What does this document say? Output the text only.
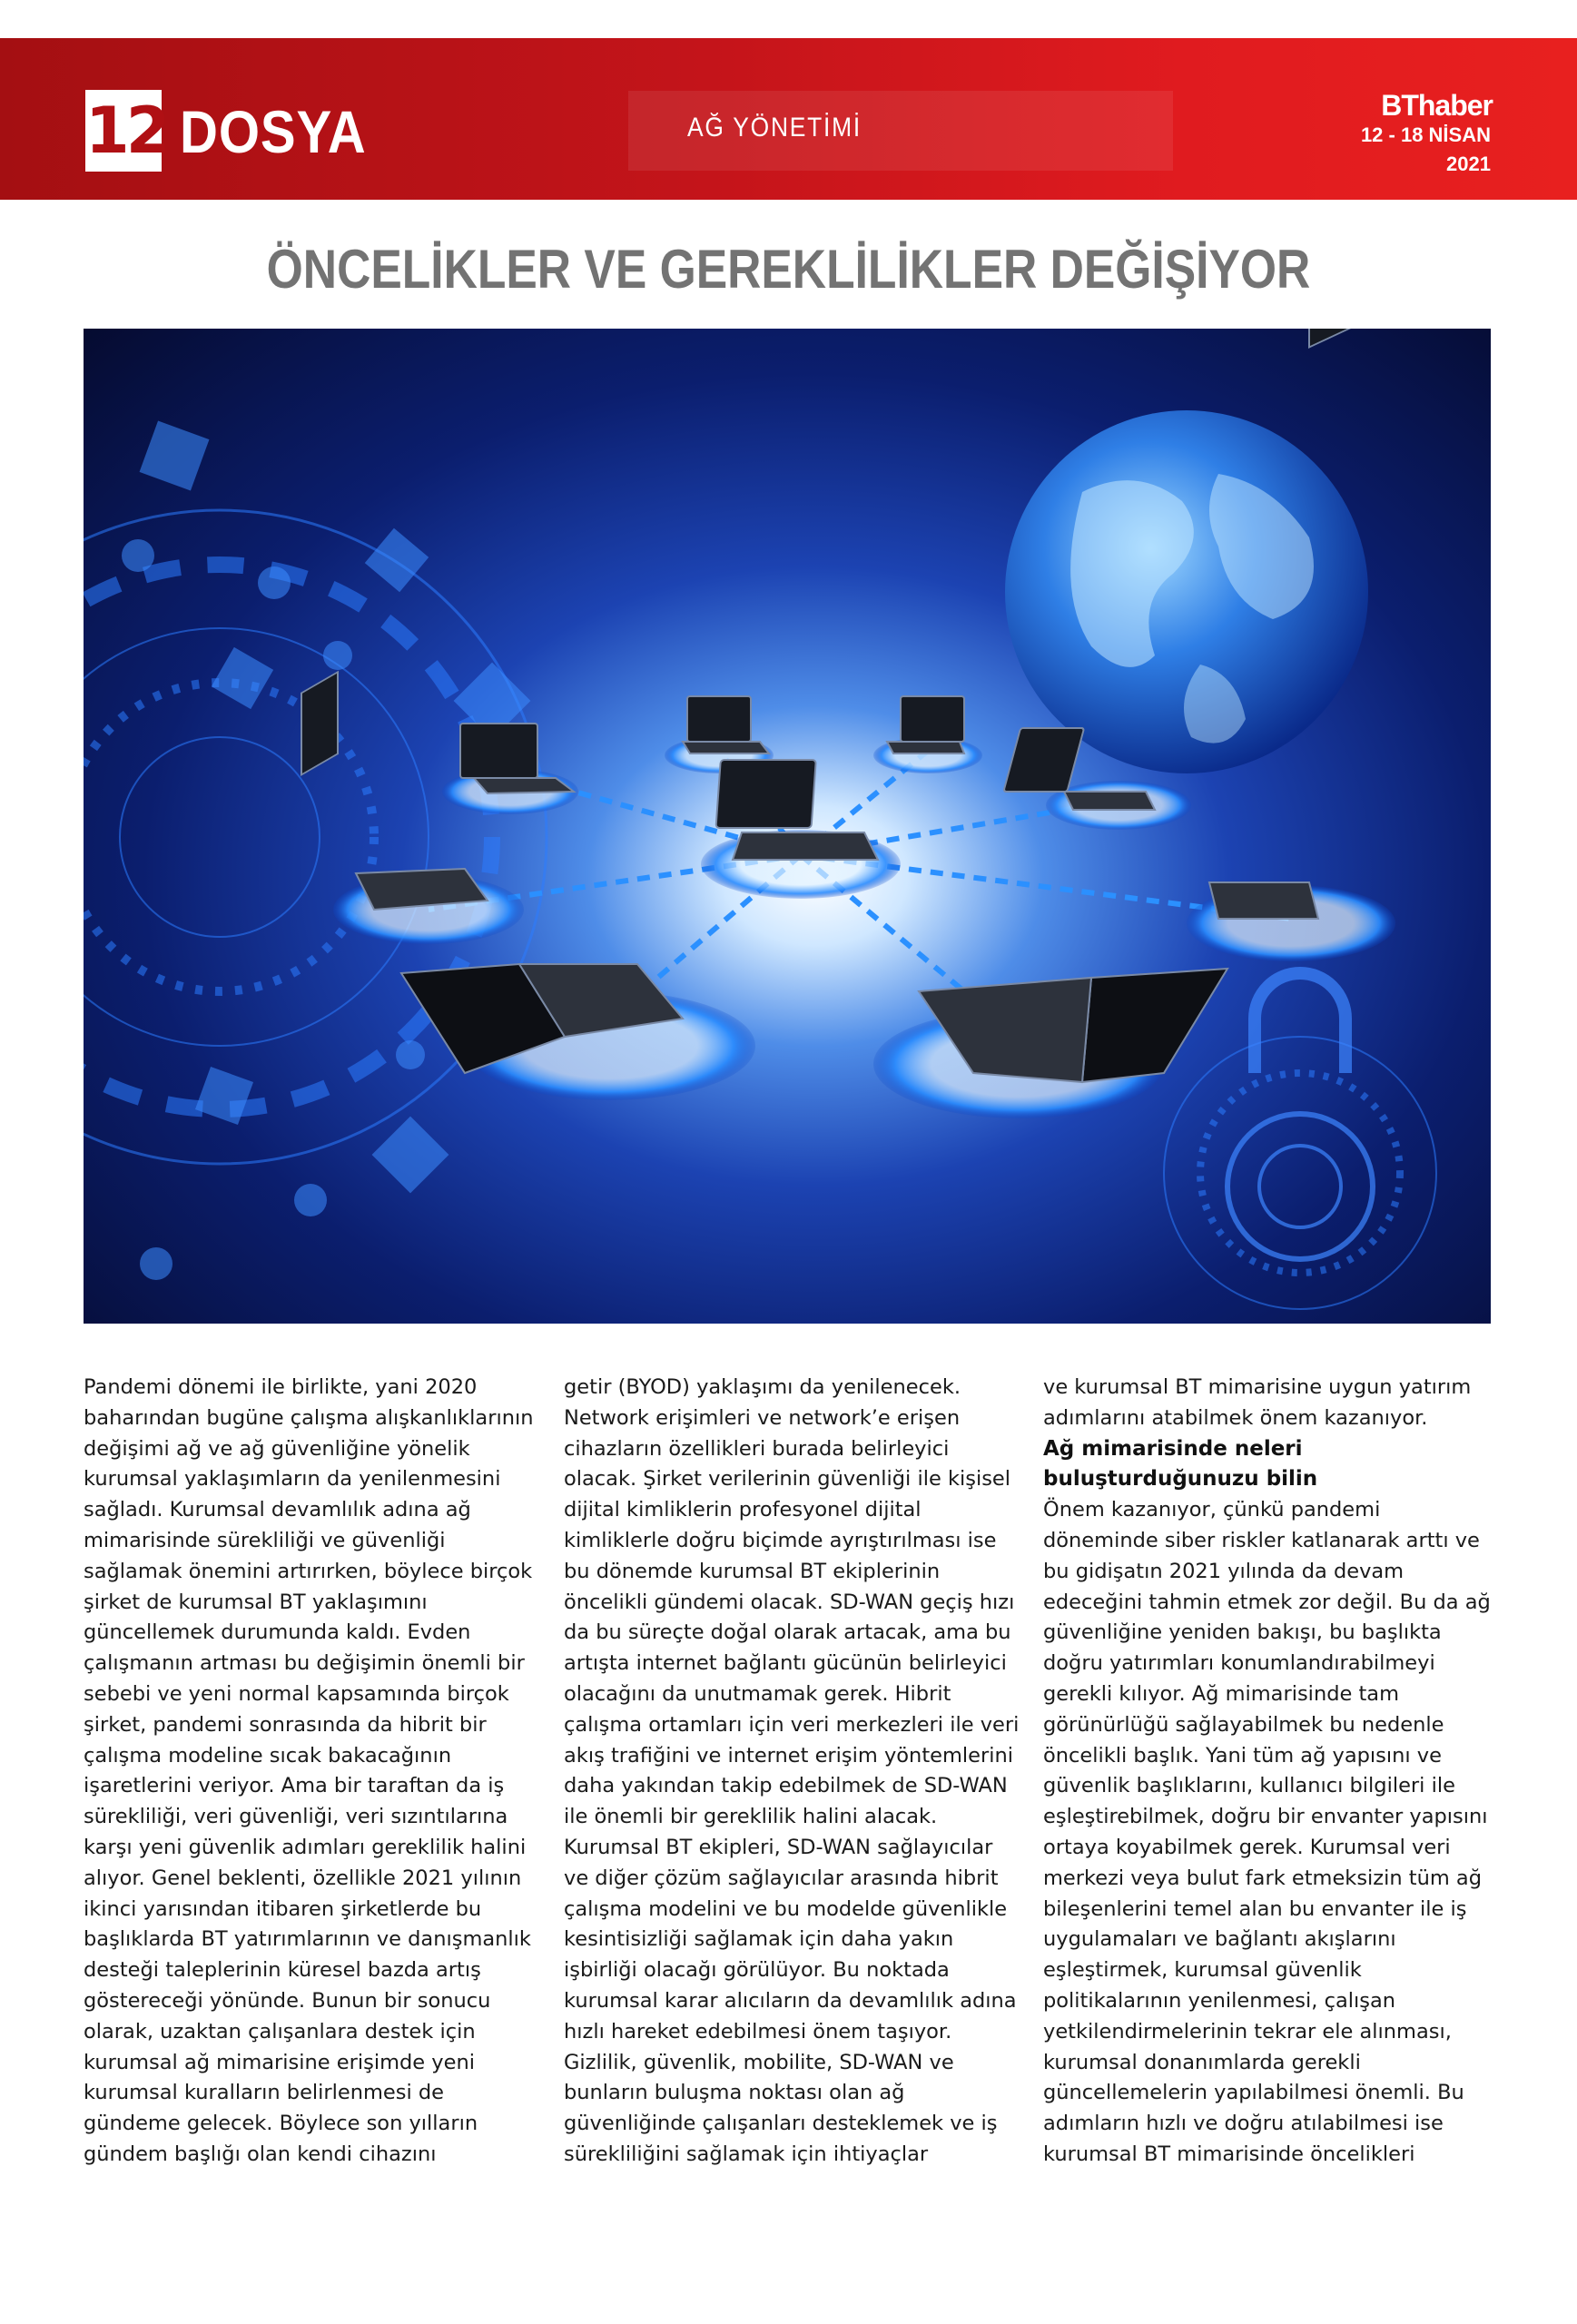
12 DOSYA	AĞ YÖNETİMİ
BThaber
12 - 18 NİSAN
2021
ÖNCELİKLER VE GEREKLİLİKLER DEĞİŞİYOR

Pandemi dönemi ile birlikte, yani 2020 baharından bugüne çalışma alışkanlıklarının değişimi ağ ve ağ güvenliğine yönelik kurumsal yaklaşımların da yenilenmesini sağladı. Kurumsal devamlılık adına ağ mimarisinde sürekliliği ve güvenliği sağlamak önemini artırırken, böylece birçok şirket de kurumsal BT yaklaşımını güncellemek durumunda kaldı. Evden çalışmanın artması bu değişimin önemli bir sebebi ve yeni normal kapsamında birçok şirket, pandemi sonrasında da hibrit bir çalışma modeline sıcak bakacağının işaretlerini veriyor. Ama bir taraftan da iş sürekliliği, veri güvenliği, veri sızıntılarına karşı yeni güvenlik adımları gereklilik halini alıyor. Genel beklenti, özellikle 2021 yılının ikinci yarısından itibaren şirketlerde bu başlıklarda BT yatırımlarının ve danışmanlık desteği taleplerinin küresel bazda artış göstereceği yönünde. Bunun bir sonucu olarak, uzaktan çalışanlara destek için kurumsal ağ mimarisine erişimde yeni kurumsal kuralların belirlenmesi de gündeme gelecek. Böylece son yılların gündem başlığı olan kendi cihazını

getir (BYOD) yaklaşımı da yenilenecek. Network erişimleri ve network’e erişen cihazların özellikleri burada belirleyici olacak. Şirket verilerinin güvenliği ile kişisel dijital kimliklerin profesyonel dijital kimliklerle doğru biçimde ayrıştırılması ise bu dönemde kurumsal BT ekiplerinin öncelikli gündemi olacak. SD-WAN geçiş hızı da bu süreçte doğal olarak artacak, ama bu artışta internet bağlantı gücünün belirleyici olacağını da unutmamak gerek. Hibrit çalışma ortamları için veri merkezleri ile veri akış trafiğini ve internet erişim yöntemlerini daha yakından takip edebilmek de SD-WAN ile önemli bir gereklilik halini alacak. Kurumsal BT ekipleri, SD-WAN sağlayıcılar ve diğer çözüm sağlayıcılar arasında hibrit çalışma modelini ve bu modelde güvenlikle kesintisizliği sağlamak için daha yakın işbirliği olacağı görülüyor. Bu noktada kurumsal karar alıcıların da devamlılık adına hızlı hareket edebilmesi önem taşıyor. Gizlilik, güvenlik, mobilite, SD-WAN ve bunların buluşma noktası olan ağ güvenliğinde çalışanları desteklemek ve iş sürekliliğini sağlamak için ihtiyaçlar

ve kurumsal BT mimarisine uygun yatırım adımlarını atabilmek önem kazanıyor.

Ağ mimarisinde neleri buluşturduğunuzu bilin

Önem kazanıyor, çünkü pandemi döneminde siber riskler katlanarak arttı ve bu gidişatın 2021 yılında da devam edeceğini tahmin etmek zor değil. Bu da ağ güvenliğine yeniden bakışı, bu başlıkta doğru yatırımları konumlandırabilmeyi gerekli kılıyor. Ağ mimarisinde tam görünürlüğü sağlayabilmek bu nedenle öncelikli başlık. Yani tüm ağ yapısını ve güvenlik başlıklarını, kullanıcı bilgileri ile eşleştirebilmek, doğru bir envanter yapısını ortaya koyabilmek gerek. Kurumsal veri merkezi veya bulut fark etmeksizin tüm ağ bileşenlerini temel alan bu envanter ile iş uygulamaları ve bağlantı akışlarını eşleştirmek, kurumsal güvenlik politikalarının yenilenmesi, çalışan yetkilendirmelerinin tekrar ele alınması, kurumsal donanımlarda gerekli güncellemelerin yapılabilmesi önemli. Bu adımların hızlı ve doğru atılabilmesi ise kurumsal BT mimarisinde öncelikleri
